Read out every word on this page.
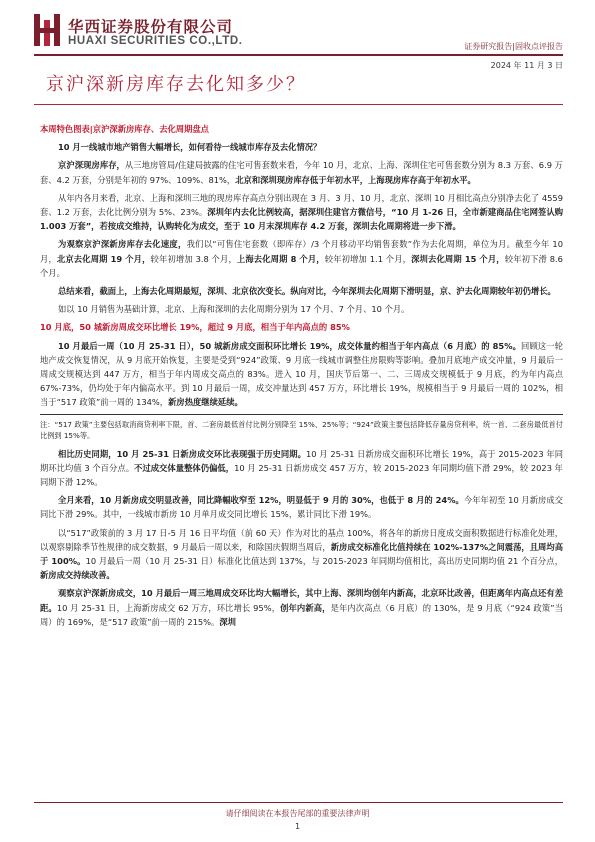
华西证券股份有限公司
HUAXI SECURITIES CO.,LTD.	证券研究报告|固收点评报告
2024 年 11 月 3 日
京沪深新房库存去化知多少？
本周特色图表|京沪深新房库存、去化周期盘点
10 月一线城市地产销售大幅增长，如何看待一线城市库存及去化情况？

京沪深现房库存，从三地房管局/住建局披露的住宅可售套数来看，今年 10 月，北京、上海、深圳住宅可售套数分别为 8.3 万套、6.9 万套、4.2 万套，分别是年初的 97%、109%、81%，北京和深圳现房库存低于年初水平，上海现房库存高于年初水平。

从年内各月来看，北京、上海和深圳三地的现房库存高点分别出现在 3 月、3 月、10 月，北京、深圳 10 月相比高点分别净去化了 4559 套、1.2 万套，去化比例分别为 5%、23%。深圳年内去化比例较高，据深圳住建官方微信号，“10 月 1-26 日，全市新建商品住宅网签认购 1.003 万套”，若按成交维持，认购转化为成交，至于 10 月末深圳库存 4.2 万套，深圳去化周期将进一步下滑。

为观察京沪深新房库存去化速度，我们以“可售住宅套数（即库存）/3 个月移动平均销售套数”作为去化周期，单位为月。截至今年 10 月，北京去化周期 19 个月，较年初增加 3.8 个月，上海去化周期 8 个月，较年初增加 1.1 个月，深圳去化周期 15 个月，较年初下滑 8.6 个月。

总结来看，截面上，上海去化周期最短，深圳、北京依次变长。纵向对比，今年深圳去化周期下滑明显，京、沪去化周期较年初仍增长。

如以 10 月销售为基础计算，北京、上海和深圳的去化周期分别为 17 个月、7 个月、10 个月。

10 月底，50 城新房周成交环比增长 19%，超过 9 月底，相当于年内高点的 85%

10 月最后一周（10 月 25-31 日），50 城新房成交面积环比增长 19%，成交体量约相当于年内高点（6 月底）的 85%。回顾这一轮地产成交恢复情况，从 9 月底开始恢复，主要是受到“924”政策、9 月底一线城市调整住房限购等影响。叠加月底地产成交冲量，9 月最后一周成交规模达到 447 万方，相当于年内周成交高点的 83%。进入 10 月，国庆节后第一、二、三周成交规模低于 9 月底，约为年内高点 67%-73%，仍均处于年内偏高水平。到 10 月最后一周，成交冲量达到 457 万方，环比增长 19%，规模相当于 9 月最后一周的 102%，相当于“517 政策”前一周的 134%，新房热度继续延续。

注：“517 政策”主要包括取消商贷利率下限，首、二套房最低首付比例分别降至 15%、25%等；“924”政策主要包括降低存量房贷利率，统一首、二套房最低首付比例到 15%等。

相比历史同期，10 月 25-31 日新房成交环比表现强于历史同期。10 月 25-31 日新房成交面积环比增长 19%，高于 2015-2023 年同期环比均值 3 个百分点。不过成交体量整体仍偏低，10 月 25-31 日新房成交 457 万方，较 2015-2023 年同期均值下滑 29%，较 2023 年同期下滑 12%。

全月来看，10 月新房成交明显改善，同比降幅收窄至 12%，明显低于 9 月的 30%，也低于 8 月的 24%。今年年初至 10 月新房成交同比下滑 29%。其中，一线城市新房 10 月单月成交同比增长 15%，累计同比下滑 19%。

以“517”政策前的 3 月 17 日-5 月 16 日平均值（前 60 天）作为对比的基点 100%，将各年的新房日度成交面积数据进行标准化处理，以观察剔除季节性规律的成交数据，9 月最后一周以来，和除国庆假期当周后，新房成交标准化比值持续在 102%-137%之间震荡，且周均高于 100%。10 月最后一周（10 月 25-31 日）标准化比值达到 137%，与 2015-2023 年同期均值相比，高出历史同期均值 21 个百分点，新房成交持续改善。

观察京沪深新房成交，10 月最后一周三地周成交环比均大幅增长，其中上海、深圳均创年内新高，北京环比改善，但距离年内高点还有差距。10 月 25-31 日，上海新房成交 62 万方，环比增长 95%，创年内新高，是年内次高点（6 月底）的 130%，是 9 月底（“924 政策”当周）的 169%，是“517 政策”前一周的 215%。深圳

请仔细阅读在本报告尾部的重要法律声明
1
